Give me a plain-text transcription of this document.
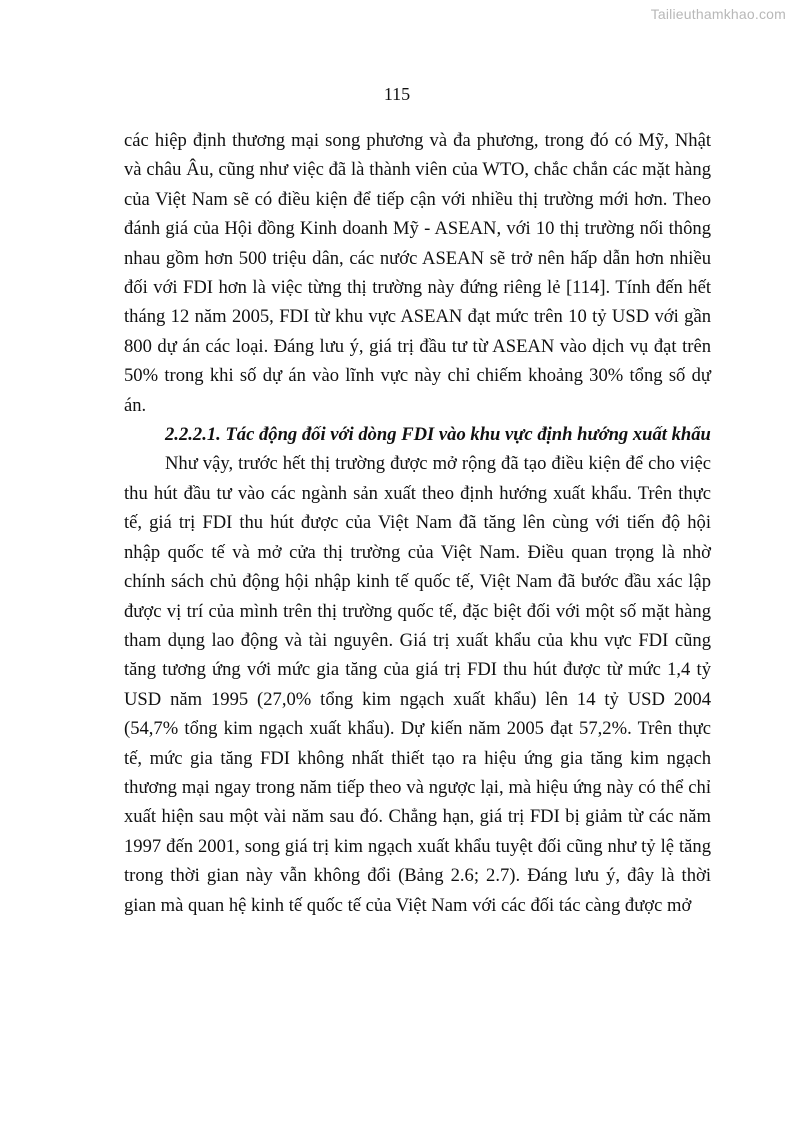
Tailieuthamkhao.com
115

các hiệp định thương mại song phương và đa phương, trong đó có Mỹ, Nhật và châu Âu, cũng như việc đã là thành viên của WTO, chắc chắn các mặt hàng của Việt Nam sẽ có điều kiện để tiếp cận với nhiều thị trường mới hơn. Theo đánh giá của Hội đồng Kinh doanh Mỹ - ASEAN, với 10 thị trường nối thông nhau gồm hơn 500 triệu dân, các nước ASEAN sẽ trở nên hấp dẫn hơn nhiều đối với FDI hơn là việc từng thị trường này đứng riêng lẻ [114]. Tính đến hết tháng 12 năm 2005, FDI từ khu vực ASEAN đạt mức trên 10 tỷ USD với gần 800 dự án các loại. Đáng lưu ý, giá trị đầu tư từ ASEAN vào dịch vụ đạt trên 50% trong khi số dự án vào lĩnh vực này chỉ chiếm khoảng 30% tổng số dự án.

2.2.2.1. Tác động đối với dòng FDI vào khu vực định hướng xuất khẩu

Như vậy, trước hết thị trường được mở rộng đã tạo điều kiện để cho việc thu hút đầu tư vào các ngành sản xuất theo định hướng xuất khẩu. Trên thực tế, giá trị FDI thu hút được của Việt Nam đã tăng lên cùng với tiến độ hội nhập quốc tế và mở cửa thị trường của Việt Nam. Điều quan trọng là nhờ chính sách chủ động hội nhập kinh tế quốc tế, Việt Nam đã bước đầu xác lập được vị trí của mình trên thị trường quốc tế, đặc biệt đối với một số mặt hàng tham dụng lao động và tài nguyên. Giá trị xuất khẩu của khu vực FDI cũng tăng tương ứng với mức gia tăng của giá trị FDI thu hút được từ mức 1,4 tỷ USD năm 1995 (27,0% tổng kim ngạch xuất khẩu) lên 14 tỷ USD 2004 (54,7% tổng kim ngạch xuất khẩu). Dự kiến năm 2005 đạt 57,2%. Trên thực tế, mức gia tăng FDI không nhất thiết tạo ra hiệu ứng gia tăng kim ngạch thương mại ngay trong năm tiếp theo và ngược lại, mà hiệu ứng này có thể chỉ xuất hiện sau một vài năm sau đó. Chẳng hạn, giá trị FDI bị giảm từ các năm 1997 đến 2001, song giá trị kim ngạch xuất khẩu tuyệt đối cũng như tỷ lệ tăng trong thời gian này vẫn không đổi (Bảng 2.6; 2.7). Đáng lưu ý, đây là thời gian mà quan hệ kinh tế quốc tế của Việt Nam với các đối tác càng được mở
